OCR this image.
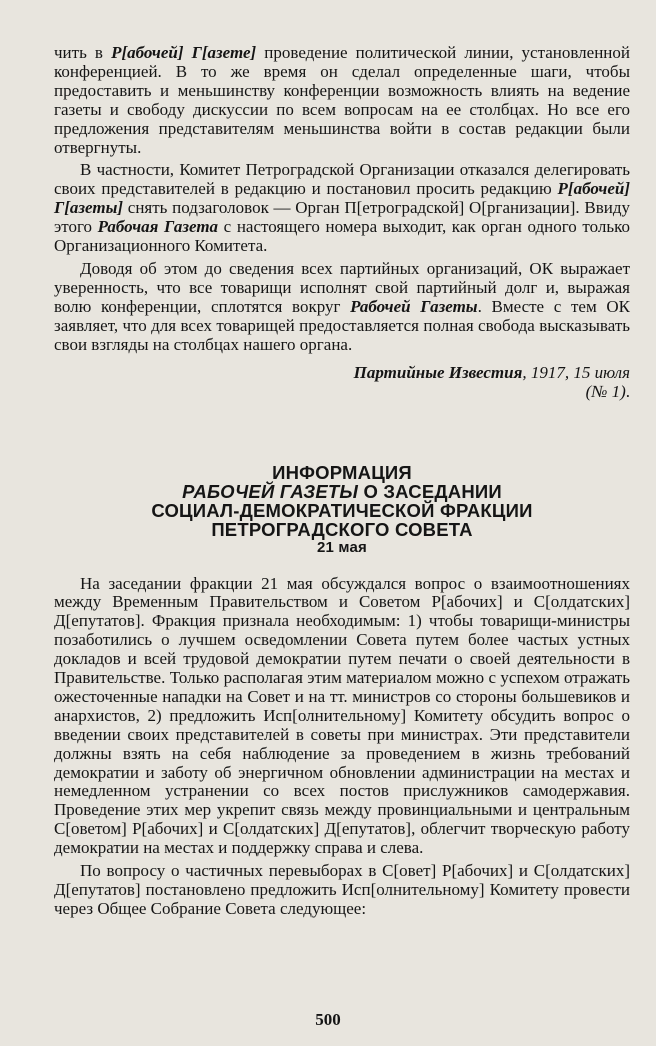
чить в Р[абочей] Г[азете] проведение политической линии, установленной конференцией. В то же время он сделал определенные шаги, чтобы предоставить и меньшинству конференции возможность влиять на ведение газеты и свободу дискуссии по всем вопросам на ее столбцах. Но все его предложения представителям меньшинства войти в состав редакции были отвергнуты.

В частности, Комитет Петроградской Организации отказался делегировать своих представителей в редакцию и постановил просить редакцию Р[абочей] Г[азеты] снять подзаголовок — Орган П[етроградской] О[рганизации]. Ввиду этого Рабочая Газета с настоящего номера выходит, как орган одного только Организационного Комитета.

Доводя об этом до сведения всех партийных организаций, ОК выражает уверенность, что все товарищи исполнят свой партийный долг и, выражая волю конференции, сплотятся вокруг Рабочей Газеты. Вместе с тем ОК заявляет, что для всех товарищей предоставляется полная свобода высказывать свои взгляды на столбцах нашего органа.

Партийные Известия, 1917, 15 июля
(№ 1).
ИНФОРМАЦИЯ
РАБОЧЕЙ ГАЗЕТЫ О ЗАСЕДАНИИ
СОЦИАЛ-ДЕМОКРАТИЧЕСКОЙ ФРАКЦИИ
ПЕТРОГРАДСКОГО СОВЕТА
21 мая

На заседании фракции 21 мая обсуждался вопрос о взаимоотношениях между Временным Правительством и Советом Р[абочих] и С[олдатских] Д[епутатов]. Фракция признала необходимым: 1) чтобы товарищи-министры позаботились о лучшем осведомлении Совета путем более частых устных докладов и всей трудовой демократии путем печати о своей деятельности в Правительстве. Только располагая этим материалом можно с успехом отражать ожесточенные нападки на Совет и на тт. министров со стороны большевиков и анархистов, 2) предложить Исп[олнительному] Комитету обсудить вопрос о введении своих представителей в советы при министрах. Эти представители должны взять на себя наблюдение за проведением в жизнь требований демократии и заботу об энергичном обновлении администрации на местах и немедленном устранении со всех постов прислужников самодержавия. Проведение этих мер укрепит связь между провинциальными и центральным С[оветом] Р[абочих] и С[олдатских] Д[епутатов], облегчит творческую работу демократии на местах и поддержку справа и слева.

По вопросу о частичных перевыборах в С[овет] Р[абочих] и С[олдатских] Д[епутатов] постановлено предложить Исп[олнительному] Комитету провести через Общее Собрание Совета следующее:

500
